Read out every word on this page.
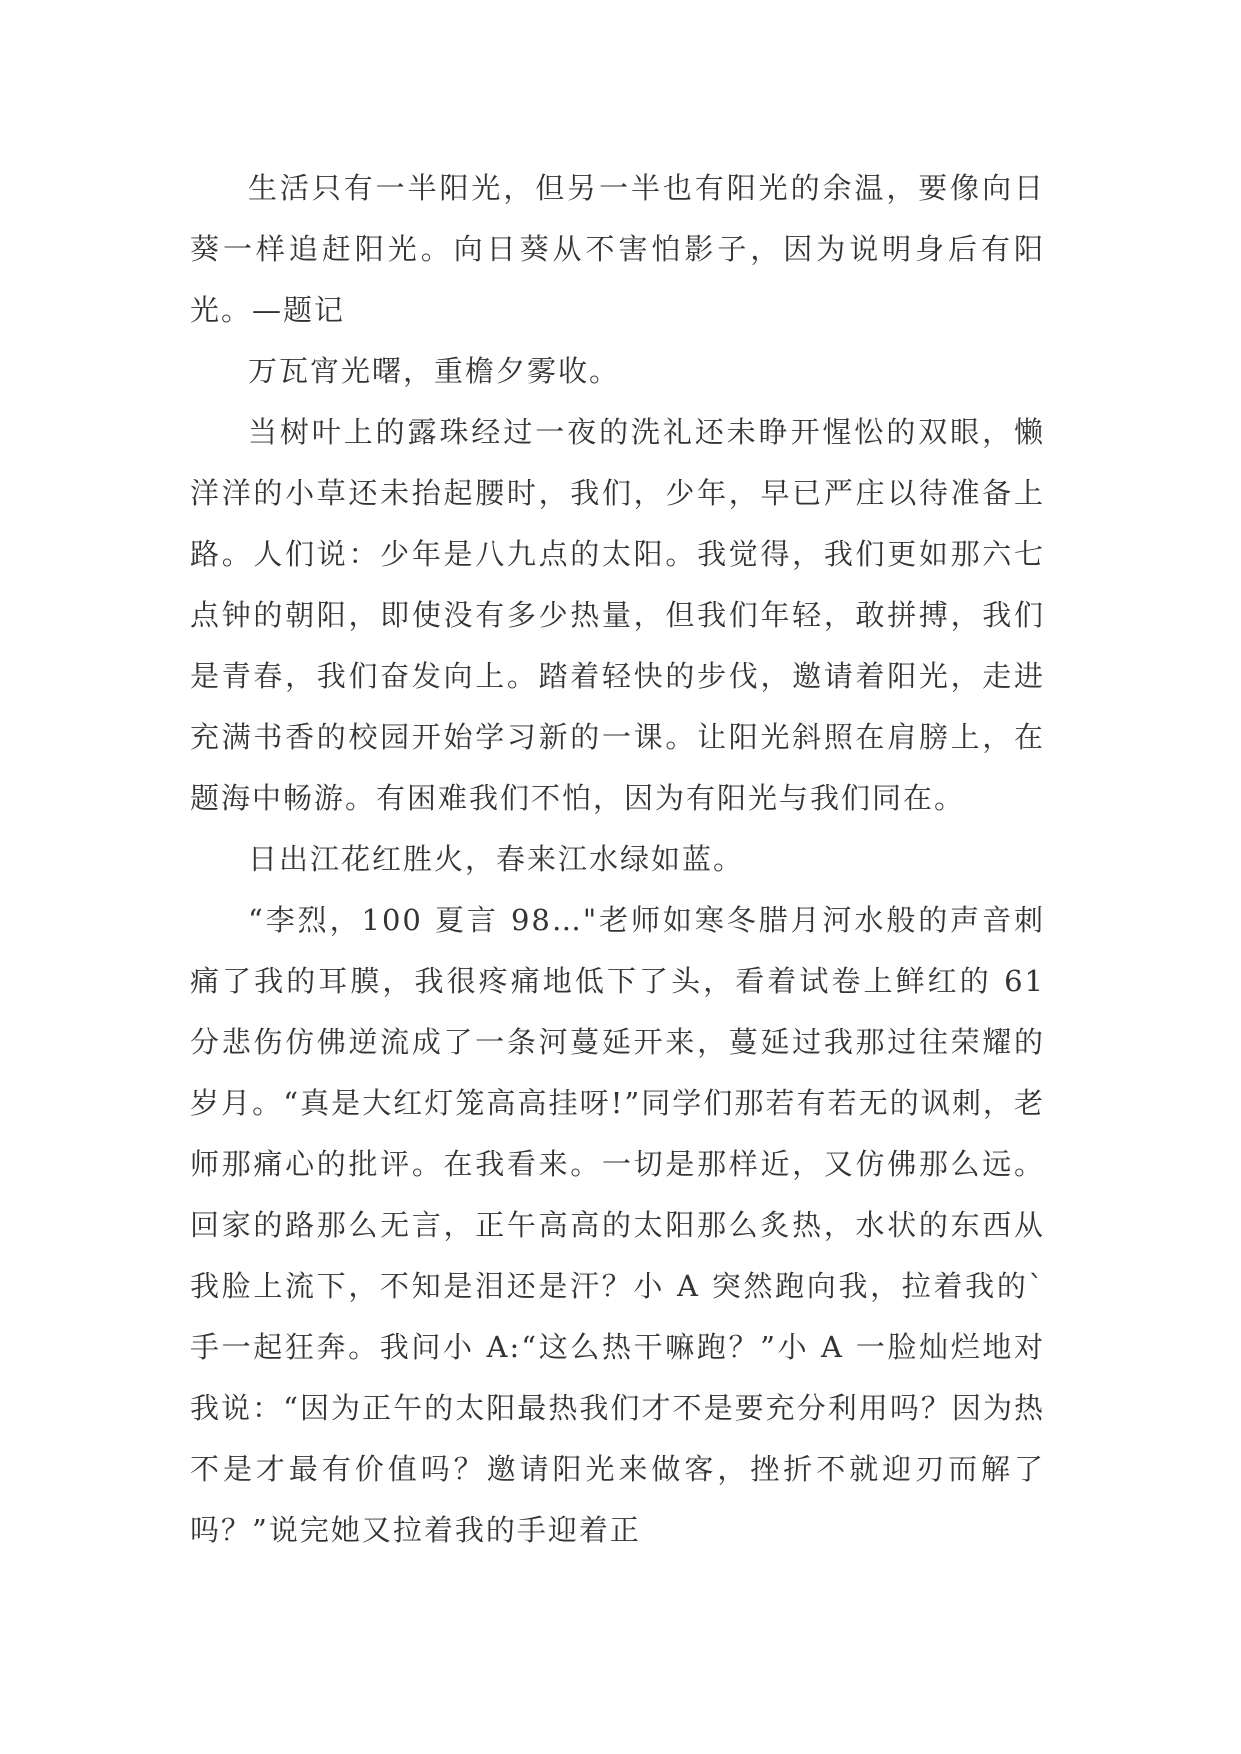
生活只有一半阳光，但另一半也有阳光的余温，要像向日葵一样追赶阳光。向日葵从不害怕影子，因为说明身后有阳光。—题记

万瓦宵光曙，重檐夕雾收。

当树叶上的露珠经过一夜的洗礼还未睁开惺忪的双眼，懒洋洋的小草还未抬起腰时，我们，少年，早已严庄以待准备上路。人们说：少年是八九点的太阳。我觉得，我们更如那六七点钟的朝阳，即使没有多少热量，但我们年轻，敢拼搏，我们是青春，我们奋发向上。踏着轻快的步伐，邀请着阳光，走进充满书香的校园开始学习新的一课。让阳光斜照在肩膀上，在题海中畅游。有困难我们不怕，因为有阳光与我们同在。

日出江花红胜火，春来江水绿如蓝。

“李烈，100 夏言 98…"老师如寒冬腊月河水般的声音刺痛了我的耳膜，我很疼痛地低下了头，看着试卷上鲜红的 61 分悲伤仿佛逆流成了一条河蔓延开来，蔓延过我那过往荣耀的岁月。“真是大红灯笼高高挂呀!”同学们那若有若无的讽刺，老师那痛心的批评。在我看来。一切是那样近，又仿佛那么远。回家的路那么无言，正午高高的太阳那么炙热，水状的东西从我脸上流下，不知是泪还是汗？小 A 突然跑向我，拉着我的`手一起狂奔。我问小 A:“这么热干嘛跑？”小 A 一脸灿烂地对我说：“因为正午的太阳最热我们才不是要充分利用吗？因为热不是才最有价值吗？邀请阳光来做客，挫折不就迎刃而解了吗？”说完她又拉着我的手迎着正
